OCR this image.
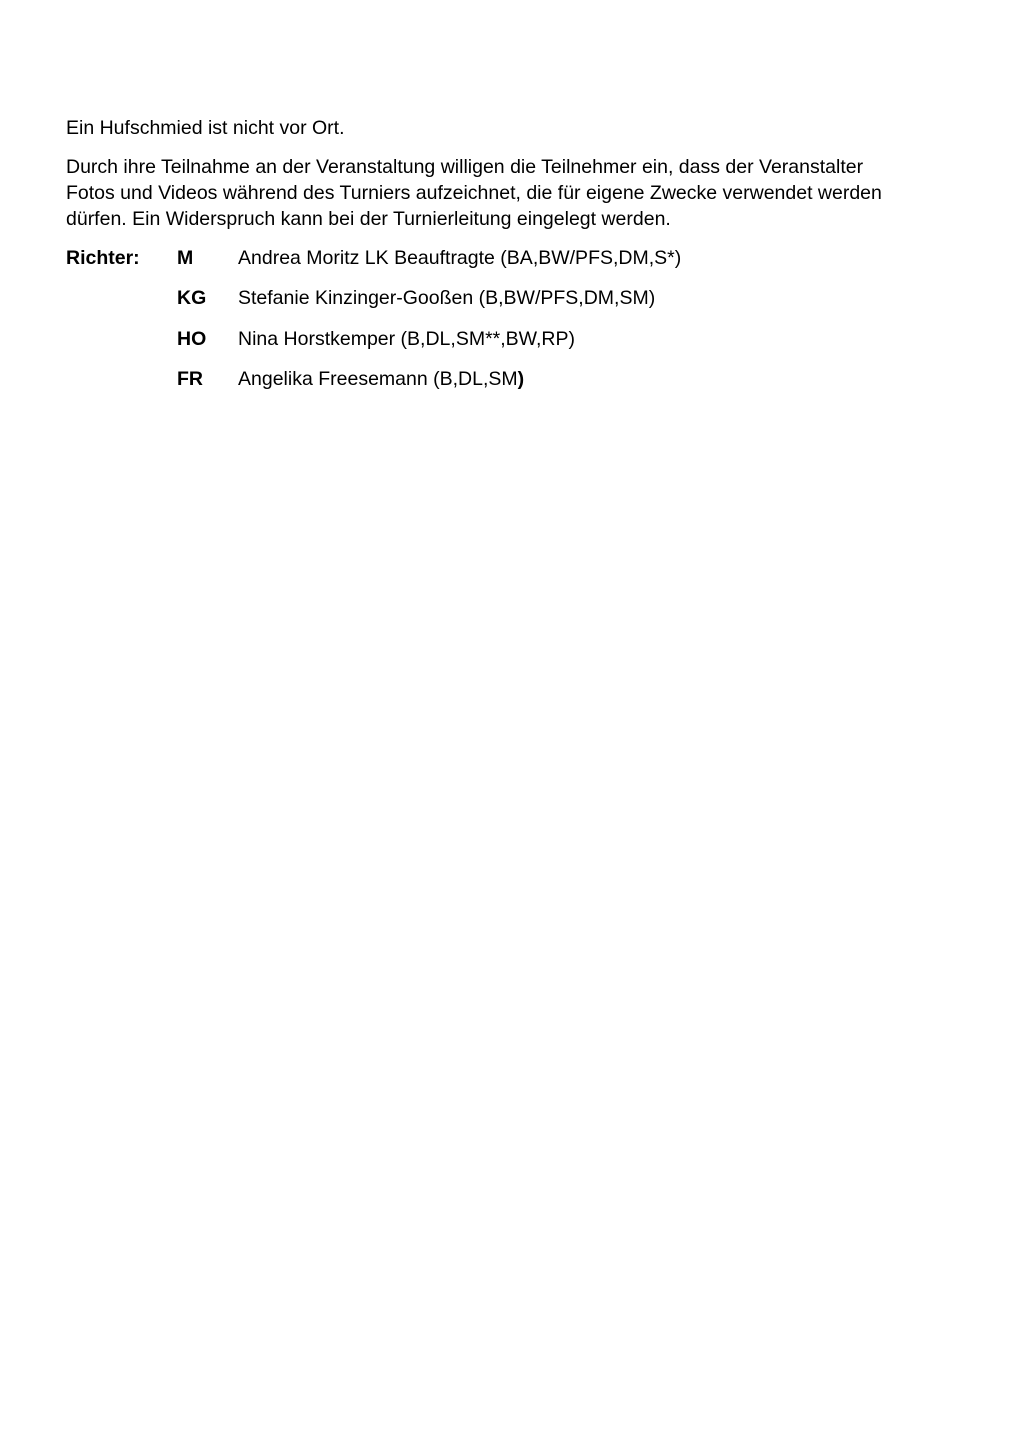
Ein Hufschmied ist nicht vor Ort.

Durch ihre Teilnahme an der Veranstaltung willigen die Teilnehmer ein, dass der Veranstalter
Fotos und Videos während des Turniers aufzeichnet, die für eigene Zwecke verwendet werden
dürfen. Ein Widerspruch kann bei der Turnierleitung eingelegt werden.

Richter: M Andrea Moritz LK Beauftragte (BA,BW/PFS,DM,S*)
KG Stefanie Kinzinger-Gooßen (B,BW/PFS,DM,SM)
HO Nina Horstkemper (B,DL,SM**,BW,RP)
FR Angelika Freesemann (B,DL,SM)
